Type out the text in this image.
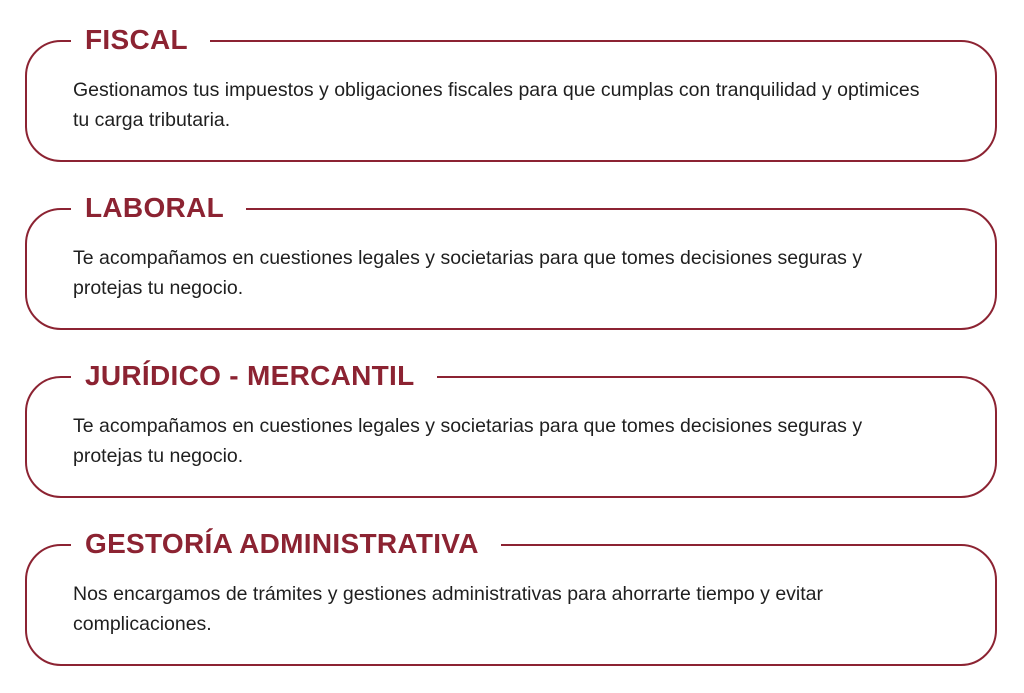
FISCAL

Gestionamos tus impuestos y obligaciones fiscales para que cumplas con tranquilidad y optimices tu carga tributaria.

LABORAL

Te acompañamos en cuestiones legales y societarias para que tomes decisiones seguras y protejas tu negocio.

JURÍDICO - MERCANTIL

Te acompañamos en cuestiones legales y societarias para que tomes decisiones seguras y protejas tu negocio.

GESTORÍA ADMINISTRATIVA

Nos encargamos de trámites y gestiones administrativas para ahorrarte tiempo y evitar complicaciones.
